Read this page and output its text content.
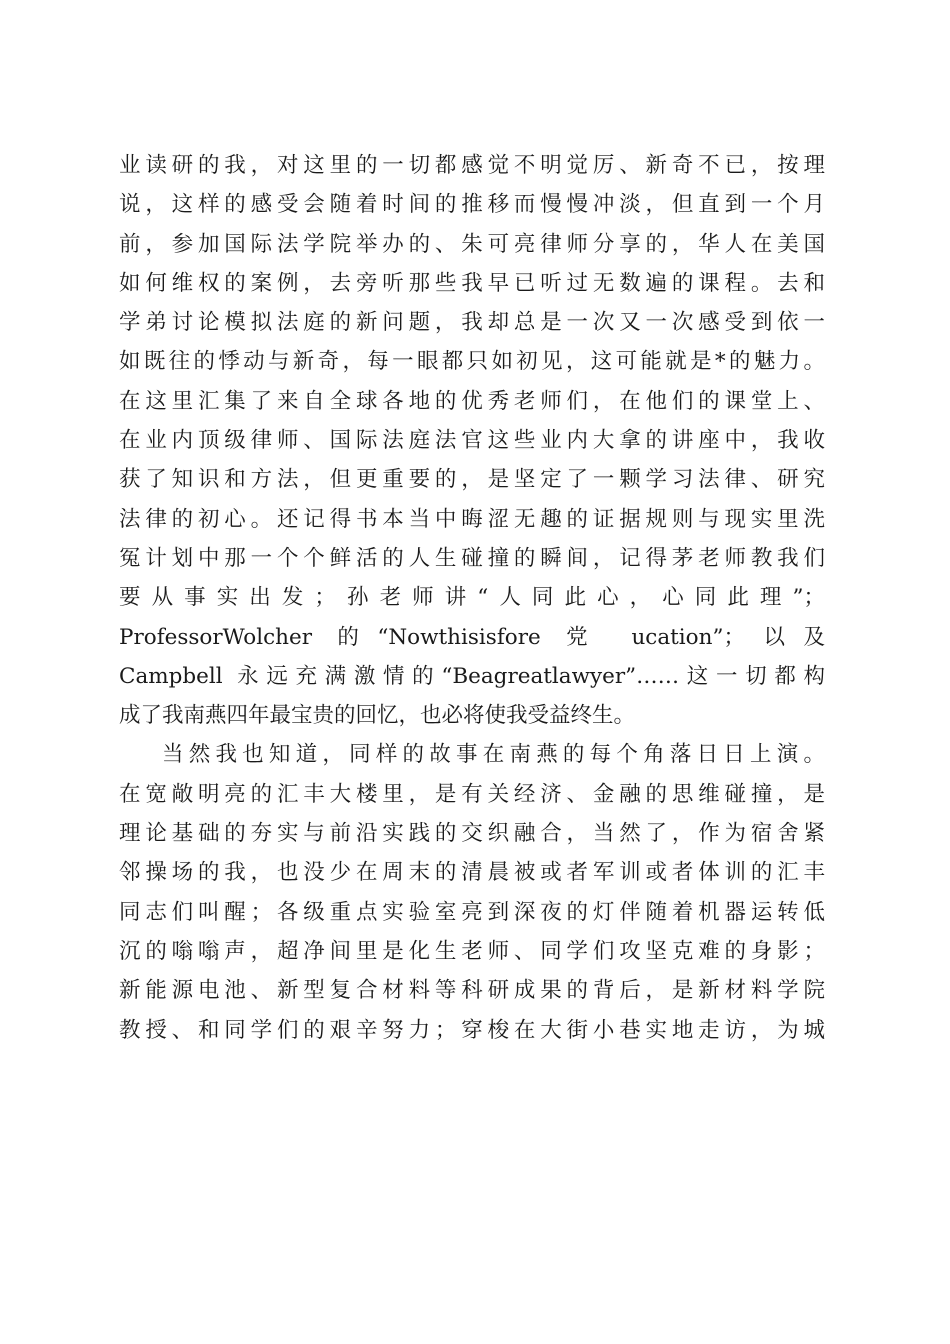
业读研的我，对这里的一切都感觉不明觉厉、新奇不已，按理
说，这样的感受会随着时间的推移而慢慢冲淡，但直到一个月
前，参加国际法学院举办的、朱可亮律师分享的，华人在美国
如何维权的案例，去旁听那些我早已听过无数遍的课程。去和
学弟讨论模拟法庭的新问题，我却总是一次又一次感受到依一
如既往的悸动与新奇，每一眼都只如初见，这可能就是*的魅力。
在这里汇集了来自全球各地的优秀老师们，在他们的课堂上、
在业内顶级律师、国际法庭法官这些业内大拿的讲座中，我收
获了知识和方法，但更重要的，是坚定了一颗学习法律、研究
法律的初心。还记得书本当中晦涩无趣的证据规则与现实里洗
冤计划中那一个个鲜活的人生碰撞的瞬间，记得茅老师教我们
要从事实出发；孙老师讲“人同此心，心同此理”；
ProfessorWolcher 的“Nowthisisfore 党 ucation”；以及
Campbell 永远充满激情的“Beagreatlawyer”……这一切都构
成了我南燕四年最宝贵的回忆，也必将使我受益终生。
当然我也知道，同样的故事在南燕的每个角落日日上演。
在宽敞明亮的汇丰大楼里，是有关经济、金融的思维碰撞，是
理论基础的夯实与前沿实践的交织融合，当然了，作为宿舍紧
邻操场的我，也没少在周末的清晨被或者军训或者体训的汇丰
同志们叫醒；各级重点实验室亮到深夜的灯伴随着机器运转低
沉的嗡嗡声，超净间里是化生老师、同学们攻坚克难的身影；
新能源电池、新型复合材料等科研成果的背后，是新材料学院
教授、和同学们的艰辛努力；穿梭在大街小巷实地走访，为城
